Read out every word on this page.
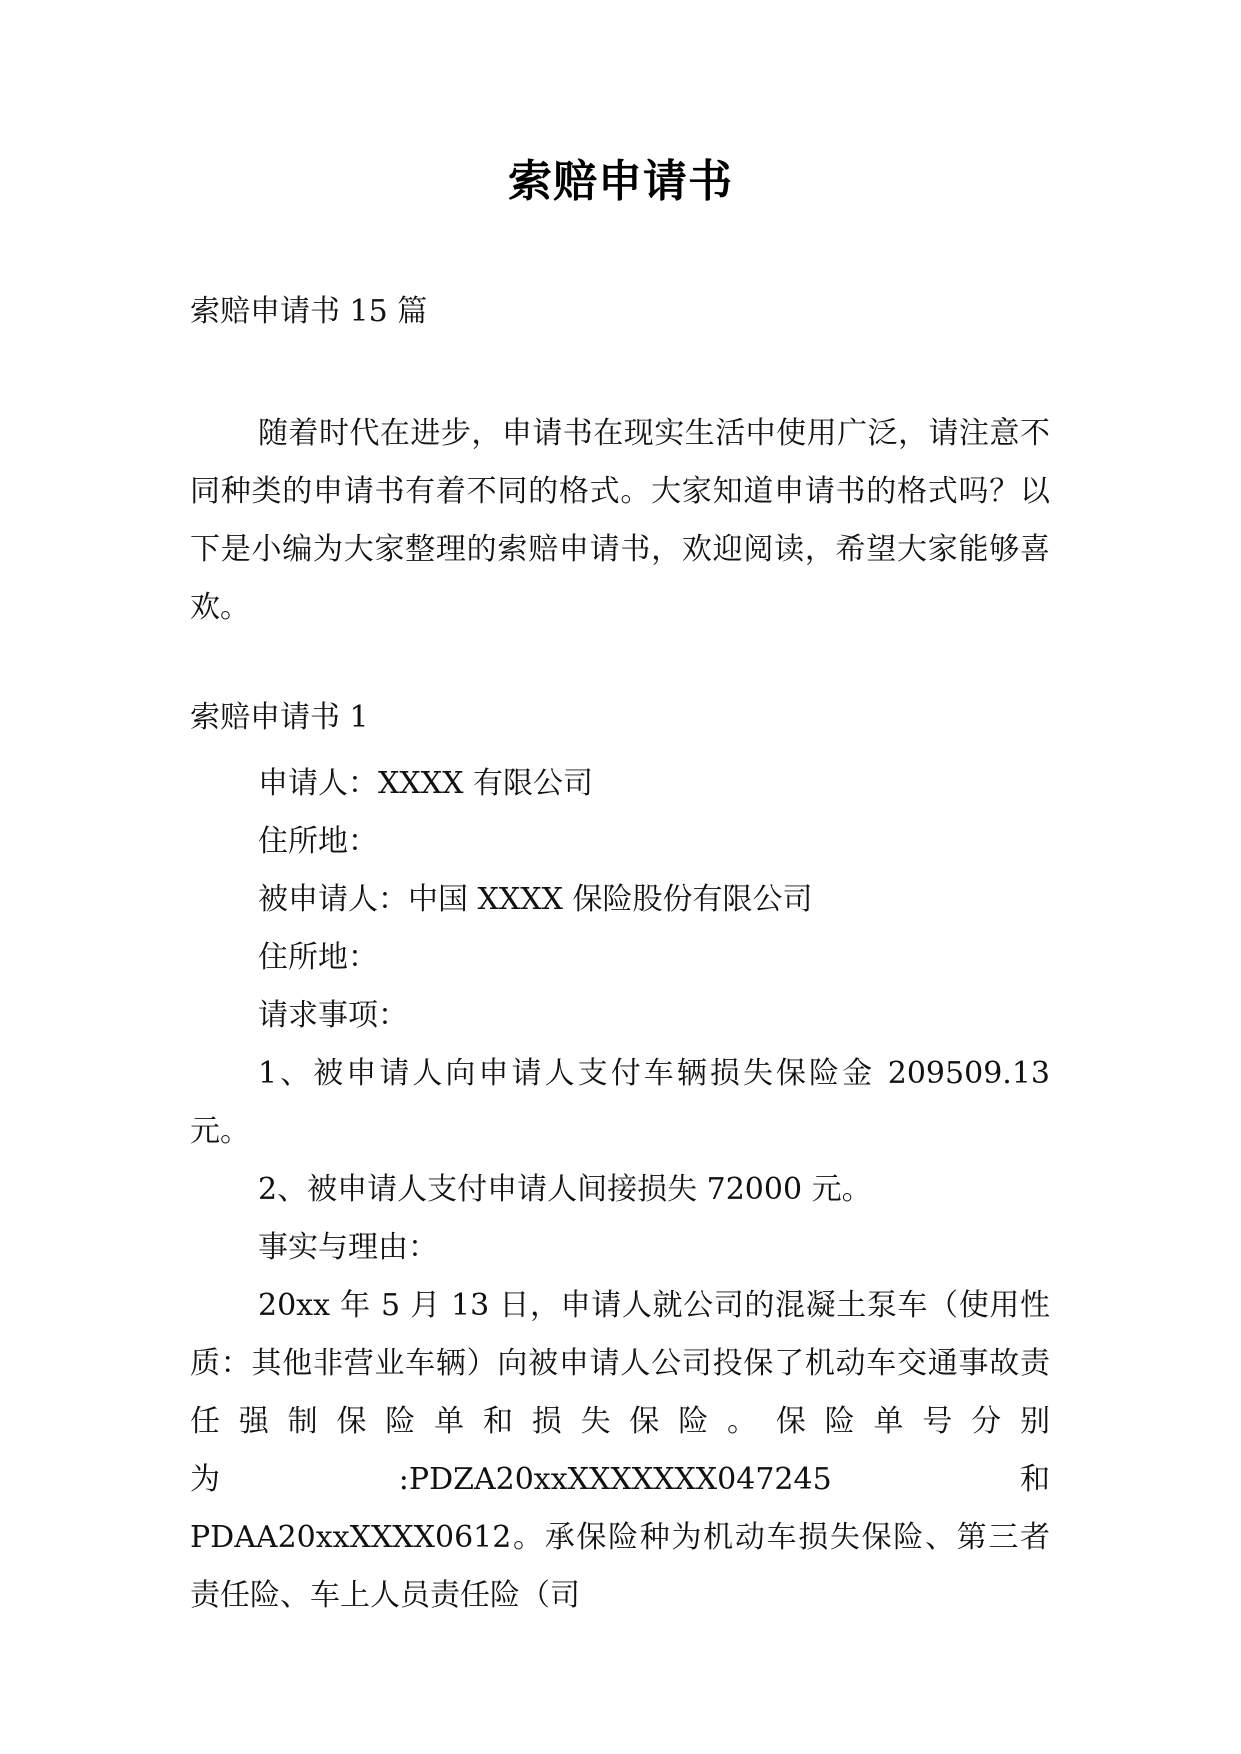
索赔申请书
索赔申请书 15 篇
随着时代在进步，申请书在现实生活中使用广泛，请注意不同种类的申请书有着不同的格式。大家知道申请书的格式吗？以下是小编为大家整理的索赔申请书，欢迎阅读，希望大家能够喜欢。
索赔申请书 1
申请人：XXXX 有限公司
住所地：
被申请人：中国 XXXX 保险股份有限公司
住所地：
请求事项：
1、被申请人向申请人支付车辆损失保险金 209509.13 元。
2、被申请人支付申请人间接损失 72000 元。
事实与理由：
20xx 年 5 月 13 日，申请人就公司的混凝土泵车（使用性质：其他非营业车辆）向被申请人公司投保了机动车交通事故责任强制保险单和损失保险。保险单号分别为:PDZA20xxXXXXXXX047245 和 PDAA20xxXXXX0612。承保险种为机动车损失保险、第三者责任险、车上人员责任险（司
